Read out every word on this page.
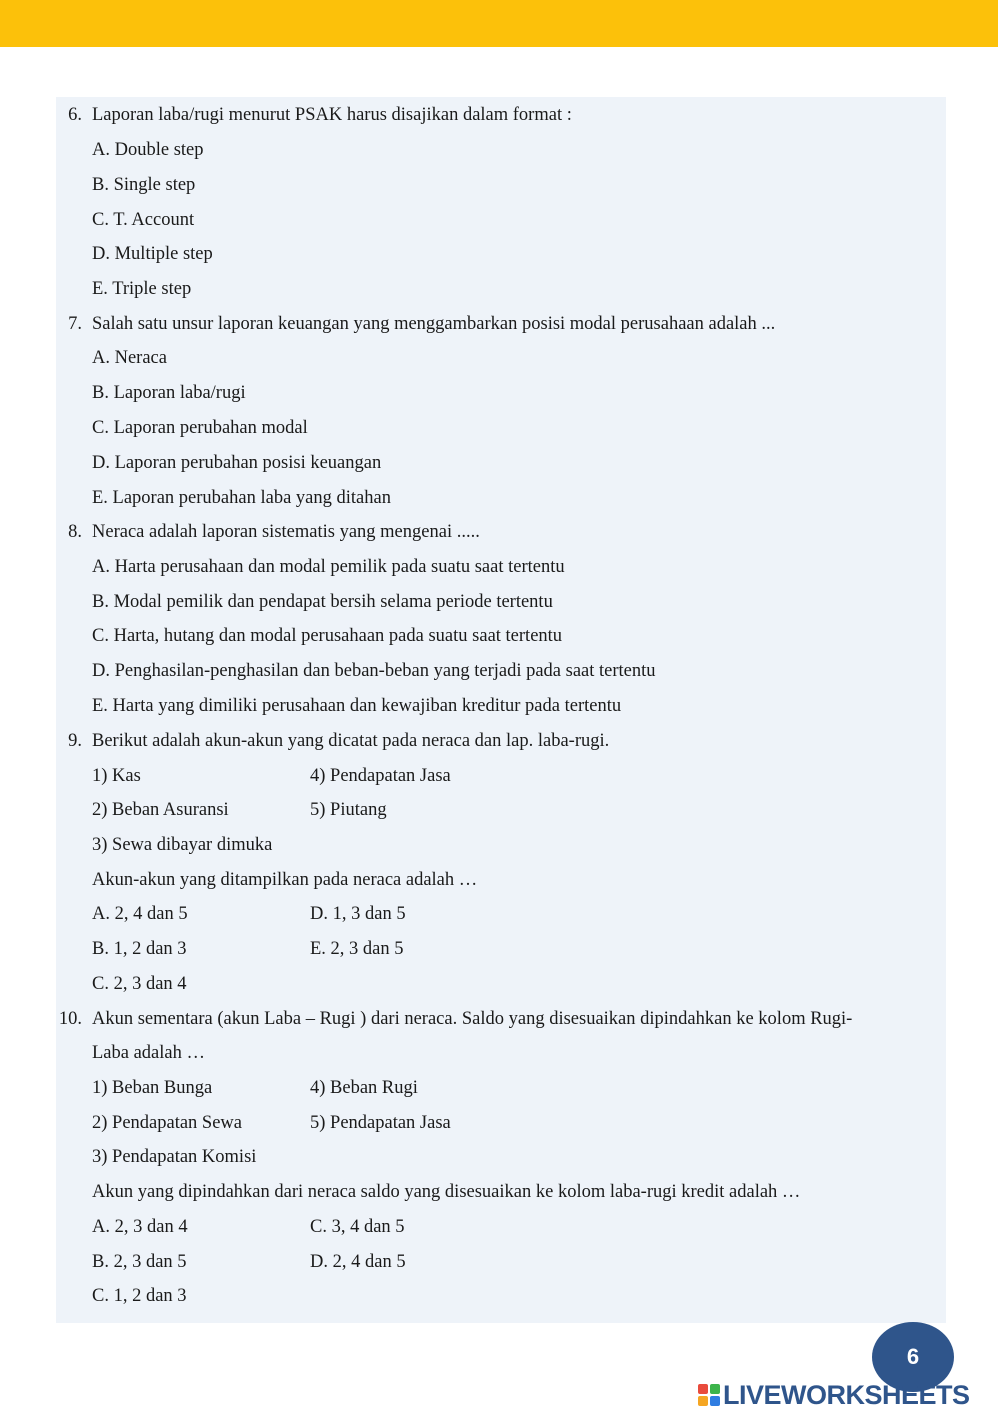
6. Laporan laba/rugi menurut PSAK harus disajikan dalam format :
A. Double step
B. Single step
C. T. Account
D. Multiple step
E. Triple step
7. Salah satu unsur laporan keuangan yang menggambarkan posisi modal perusahaan adalah ...
A. Neraca
B. Laporan laba/rugi
C. Laporan perubahan modal
D. Laporan perubahan posisi keuangan
E. Laporan perubahan laba yang ditahan
8. Neraca adalah laporan sistematis yang mengenai .....
A. Harta perusahaan dan modal pemilik pada suatu saat tertentu
B. Modal pemilik dan pendapat bersih selama periode tertentu
C. Harta, hutang dan modal perusahaan pada suatu saat tertentu
D. Penghasilan-penghasilan dan beban-beban yang terjadi pada saat tertentu
E. Harta yang dimiliki perusahaan dan kewajiban kreditur pada tertentu
9. Berikut adalah akun-akun yang dicatat pada neraca dan lap. laba-rugi.
1) Kas	4) Pendapatan Jasa
2) Beban Asuransi	5) Piutang
3) Sewa dibayar dimuka
Akun-akun yang ditampilkan pada neraca adalah …
A. 2, 4 dan 5	D. 1, 3 dan 5
B. 1, 2 dan 3	E. 2, 3 dan 5
C. 2, 3 dan 4
10. Akun sementara (akun Laba – Rugi ) dari neraca. Saldo yang disesuaikan dipindahkan ke kolom Rugi-
Laba adalah …
1) Beban Bunga	4) Beban Rugi
2) Pendapatan Sewa	5) Pendapatan Jasa
3) Pendapatan Komisi
Akun yang dipindahkan dari neraca saldo yang disesuaikan ke kolom laba-rugi kredit adalah …
A. 2, 3 dan 4	C. 3, 4 dan 5
B. 2, 3 dan 5	D. 2, 4 dan 5
C. 1, 2 dan 3
6
LIVEWORKSHEETS
